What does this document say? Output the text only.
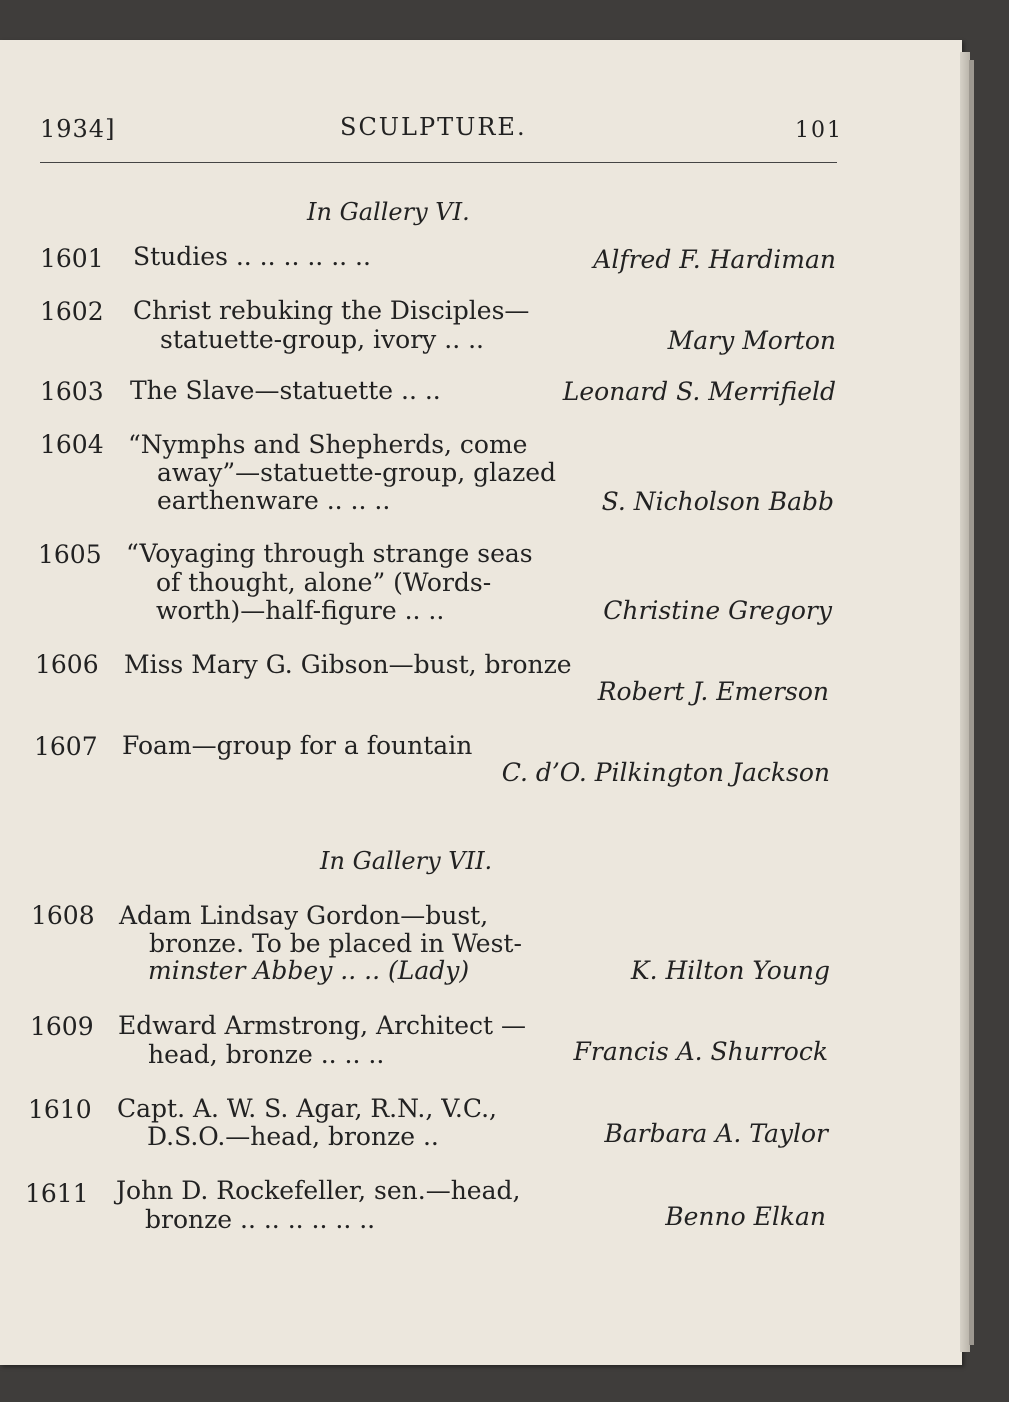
1934]	SCULPTURE.	101
In Gallery VI.
1601 Studies .. .. .. .. .. ..	Alfred F. Hardiman
1602 Christ rebuking the Disciples—
statuette-group, ivory .. ..	Mary Morton
1603 The Slave—statuette .. ..	Leonard S. Merrifield
1604 “Nymphs and Shepherds, come
away”—statuette-group, glazed
earthenware .. .. ..	S. Nicholson Babb
1605 “Voyaging through strange seas
of thought, alone” (Words-
worth)—half-figure .. ..	Christine Gregory
1606 Miss Mary G. Gibson—bust, bronze
Robert J. Emerson
1607 Foam—group for a fountain
C. d’O. Pilkington Jackson
In Gallery VII.
1608 Adam Lindsay Gordon—bust,
bronze. To be placed in West-
minster Abbey .. .. (Lady)	K. Hilton Young
1609 Edward Armstrong, Architect —
head, bronze .. .. ..	Francis A. Shurrock
1610 Capt. A. W. S. Agar, R.N., V.C.,
D.S.O.—head, bronze ..	Barbara A. Taylor
1611 John D. Rockefeller, sen.—head,
bronze .. .. .. .. .. ..	Benno Elkan
